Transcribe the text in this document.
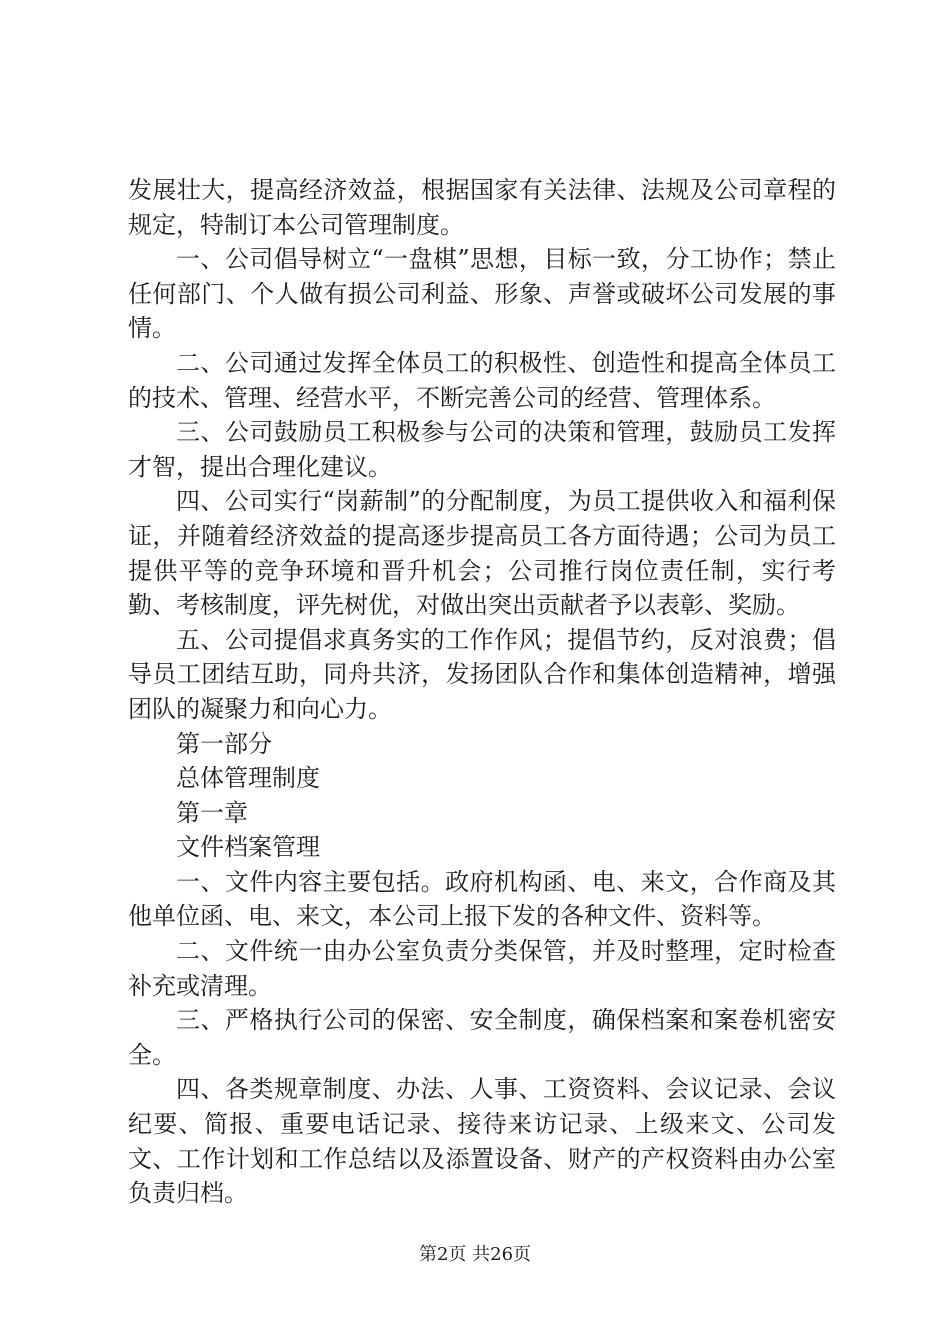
发展壮大，提高经济效益，根据国家有关法律、法规及公司章程的规定，特制订本公司管理制度。

一、公司倡导树立“一盘棋”思想，目标一致，分工协作；禁止任何部门、个人做有损公司利益、形象、声誉或破坏公司发展的事情。

二、公司通过发挥全体员工的积极性、创造性和提高全体员工的技术、管理、经营水平，不断完善公司的经营、管理体系。

三、公司鼓励员工积极参与公司的决策和管理，鼓励员工发挥才智，提出合理化建议。

四、公司实行“岗薪制”的分配制度，为员工提供收入和福利保证，并随着经济效益的提高逐步提高员工各方面待遇；公司为员工提供平等的竞争环境和晋升机会；公司推行岗位责任制，实行考勤、考核制度，评先树优，对做出突出贡献者予以表彰、奖励。

五、公司提倡求真务实的工作作风；提倡节约，反对浪费；倡导员工团结互助，同舟共济，发扬团队合作和集体创造精神，增强团队的凝聚力和向心力。

第一部分

总体管理制度

第一章

文件档案管理

一、文件内容主要包括。政府机构函、电、来文，合作商及其他单位函、电、来文，本公司上报下发的各种文件、资料等。

二、文件统一由办公室负责分类保管，并及时整理，定时检查补充或清理。

三、严格执行公司的保密、安全制度，确保档案和案卷机密安全。

四、各类规章制度、办法、人事、工资资料、会议记录、会议纪要、简报、重要电话记录、接待来访记录、上级来文、公司发文、工作计划和工作总结以及添置设备、财产的产权资料由办公室负责归档。

第2页 共26页
